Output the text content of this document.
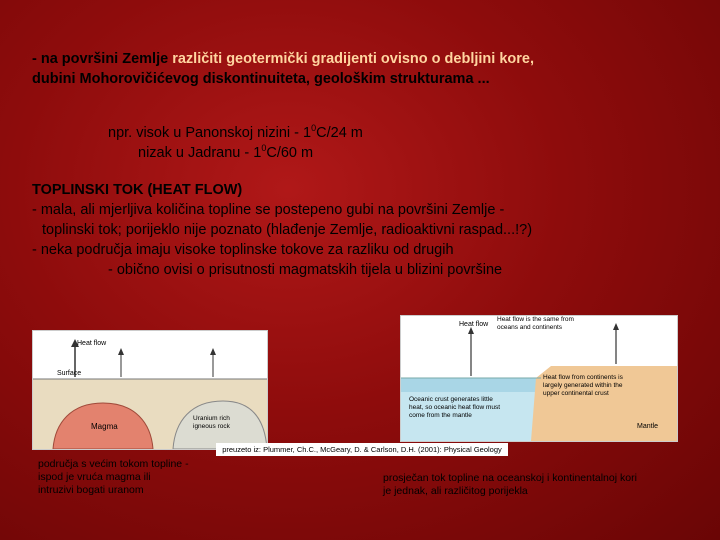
- na površini Zemlje različiti geotermički gradijenti ovisno o debljini kore,
dubini Mohorovičićevog diskontinuiteta, geološkim strukturama ...
npr. visok u Panonskoj nizini - $1^0C/24$ m
nizak u Jadranu - $1^0C/60$ m
TOPLINSKI TOK (HEAT FLOW)
- mala, ali mjerljiva količina topline se postepeno gubi na površini Zemlje -
toplinski tok; porijeklo nije poznato (hlađenje Zemlje, radioaktivni raspad...!?)
- neka područja imaju visoke toplinske tokove za razliku od drugih
- obično ovisi o prisutnosti magmatskih tijela u blizini površine
Heat flow
Surface
Magma
Uranium rich igneous rock
Heat flow
Heat flow is the same from oceans and continents
Heat flow from continents is largely generated within the upper continental crust
Oceanic crust generates little heat, so oceanic heat flow must come from the mantle
Mantle
preuzeto iz: Plummer, Ch.C., McGeary, D. & Carlson, D.H. (2001): Physical Geology
područja s većim tokom topline -
ispod je vruća magma ili
intruzivi bogati uranom
prosječan tok topline na oceanskoj i kontinentalnoj kori
je jednak, ali različitog porijekla
